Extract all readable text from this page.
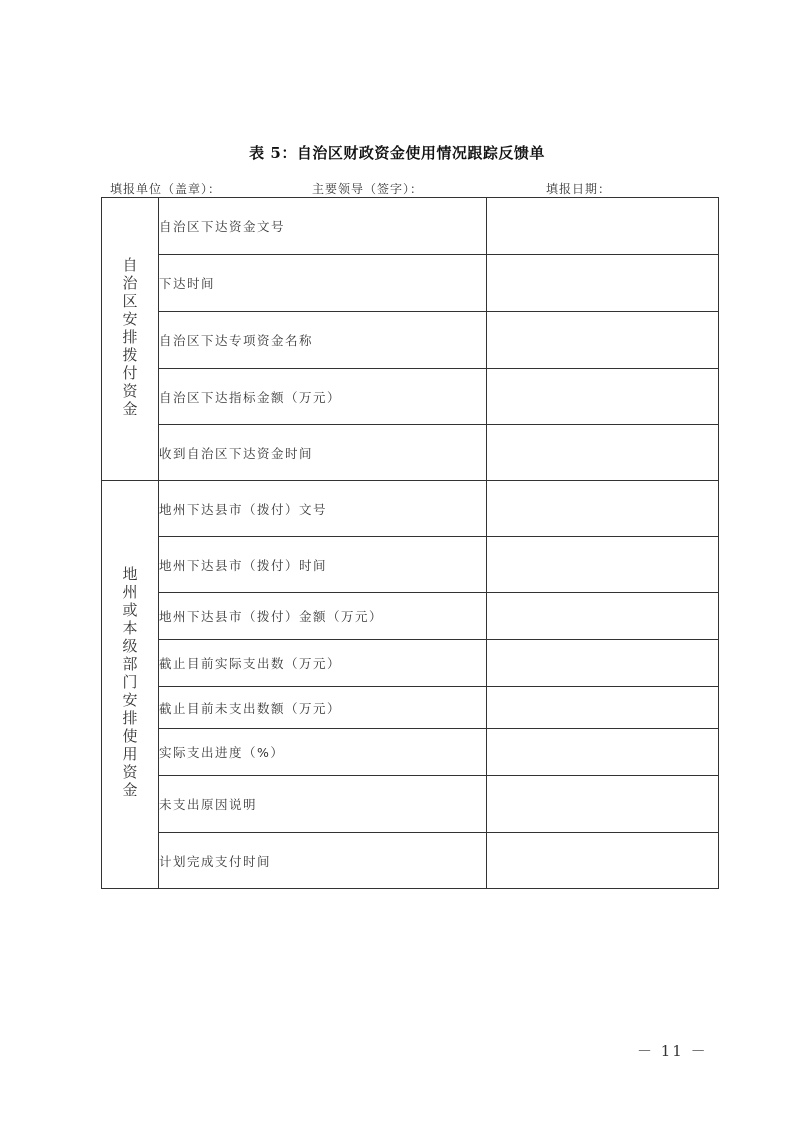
表 5：自治区财政资金使用情况跟踪反馈单
填报单位（盖章）：	主要领导（签字）：	填报日期：
自治区安排拨付资金	自治区下达资金文号	
	下达时间	
	自治区下达专项资金名称	
	自治区下达指标金额（万元）	
	收到自治区下达资金时间	
地州或本级部门安排使用资金	地州下达县市（拨付）文号	
	地州下达县市（拨付）时间	
	地州下达县市（拨付）金额（万元）	
	截止目前实际支出数（万元）	
	截止目前未支出数额（万元）	
	实际支出进度（%）	
	未支出原因说明	
	计划完成支付时间	
－ 11 －
